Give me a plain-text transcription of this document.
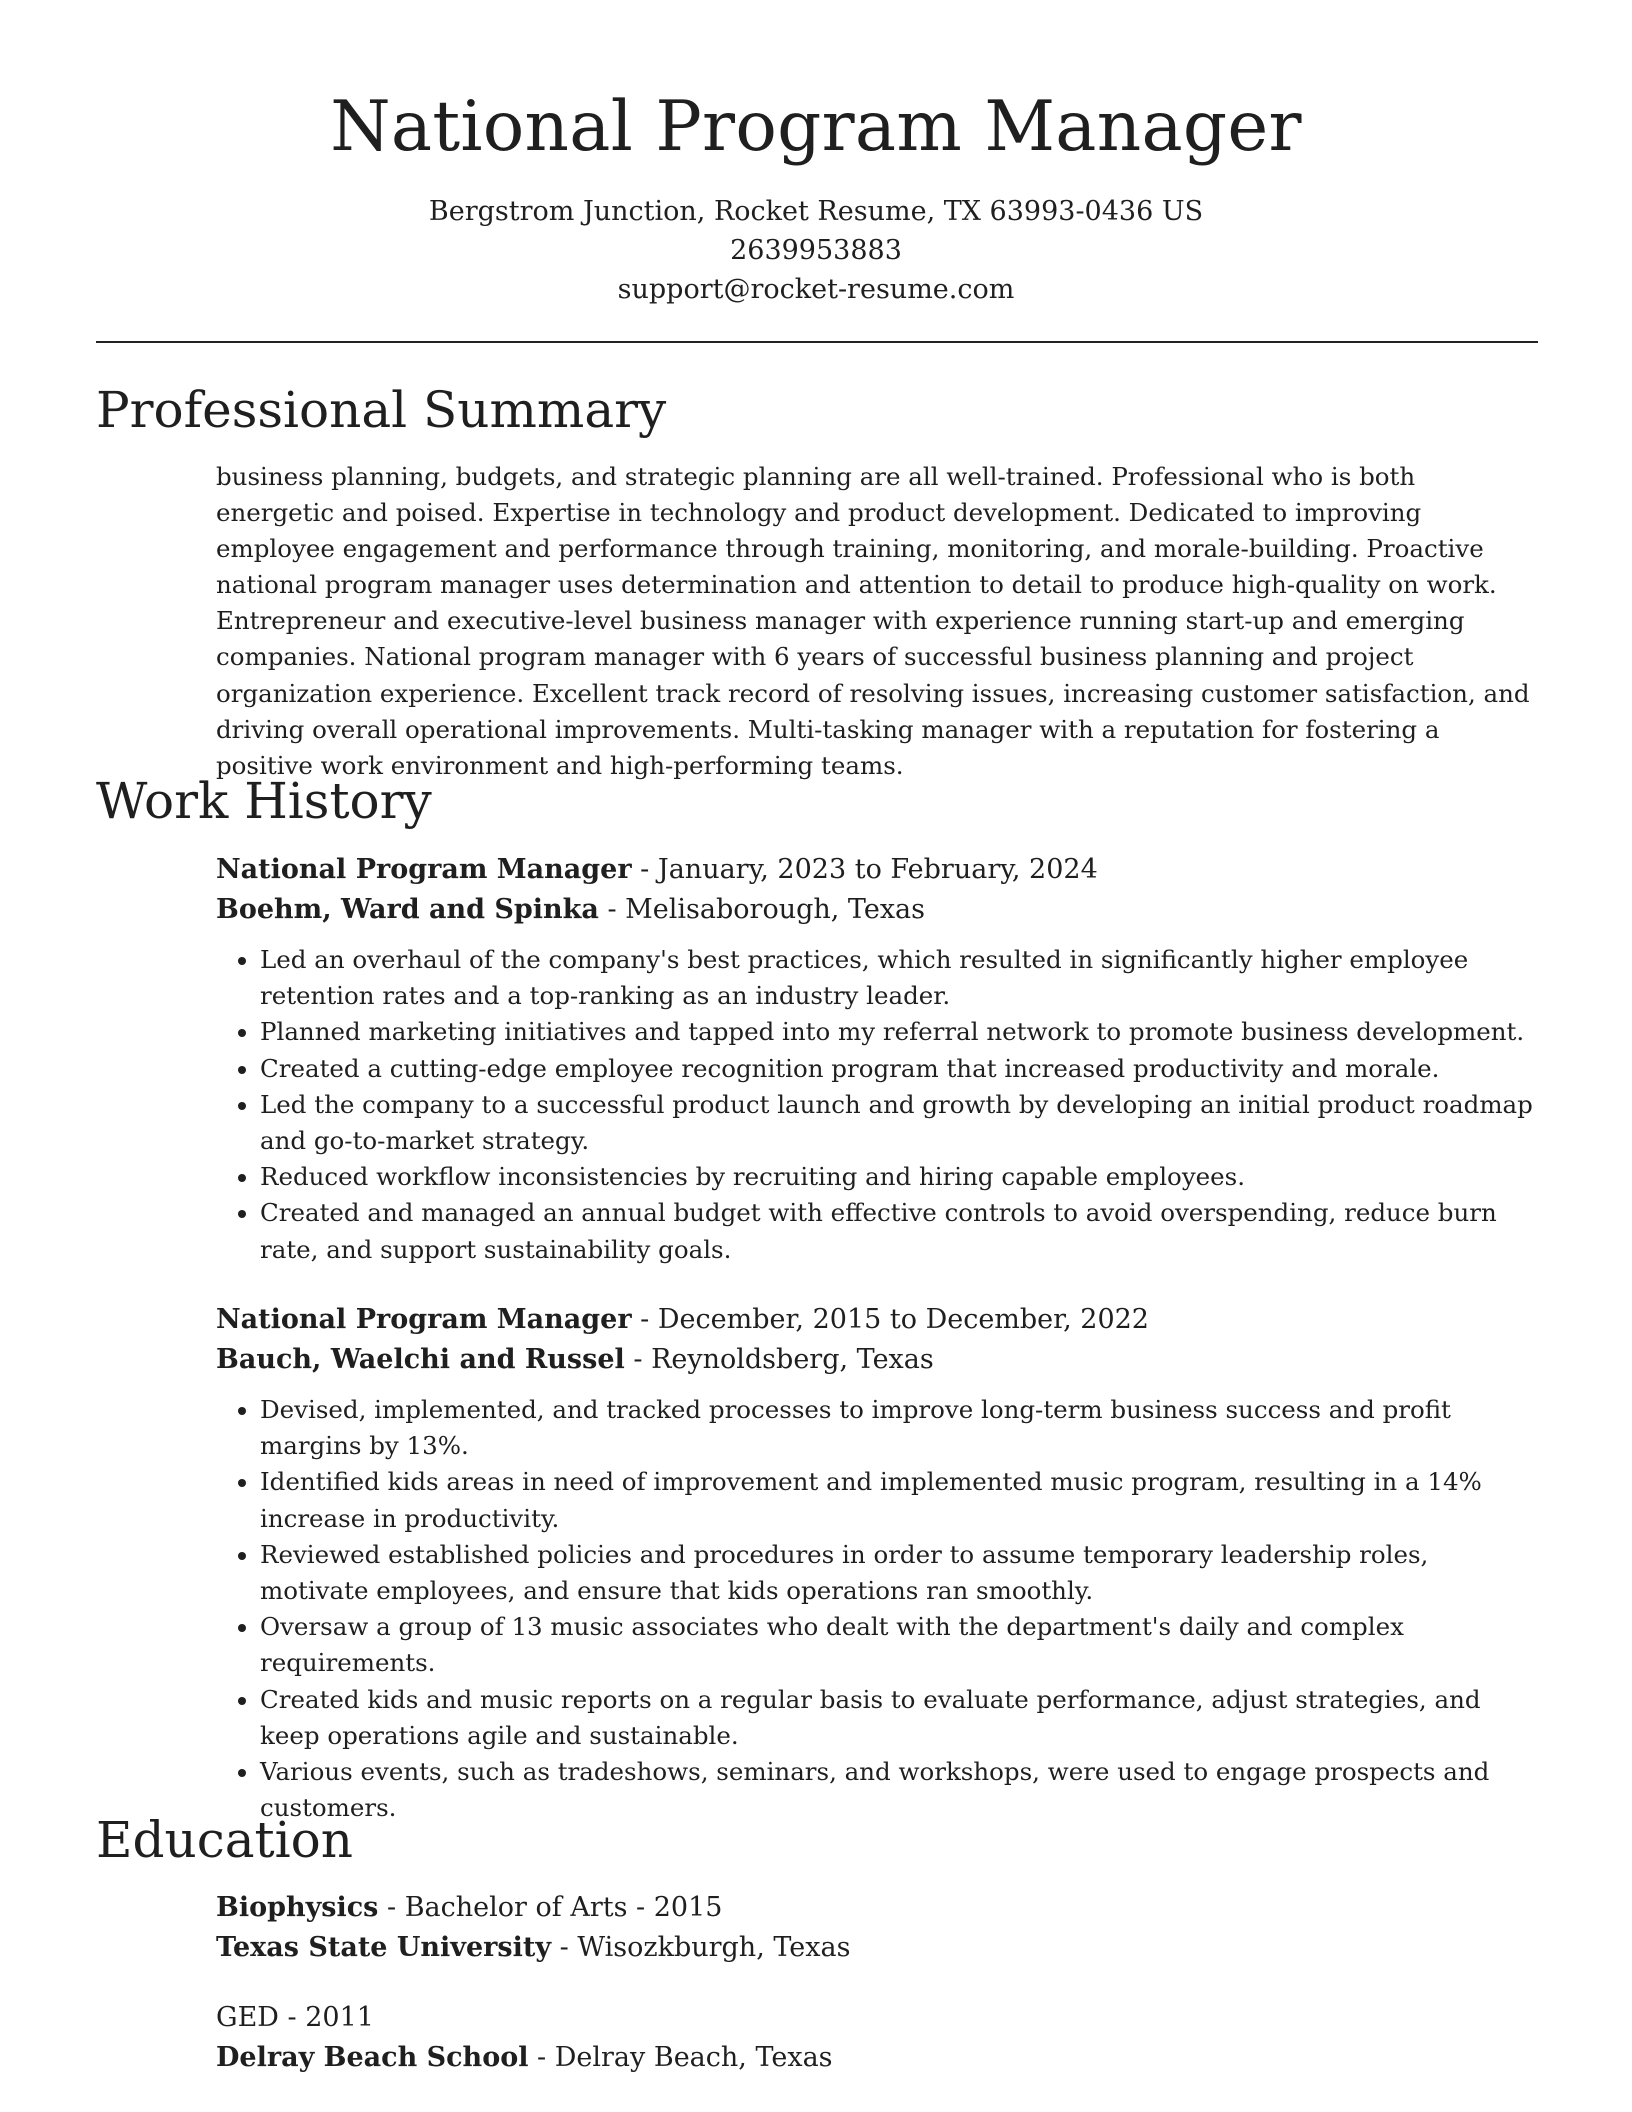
National Program Manager
Bergstrom Junction, Rocket Resume, TX 63993-0436 US
2639953883
support@rocket-resume.com
Professional Summary

business planning, budgets, and strategic planning are all well-trained. Professional who is both energetic and poised. Expertise in technology and product development. Dedicated to improving employee engagement and performance through training, monitoring, and morale-building. Proactive national program manager uses determination and attention to detail to produce high-quality on work. Entrepreneur and executive-level business manager with experience running start-up and emerging companies. National program manager with 6 years of successful business planning and project organization experience. Excellent track record of resolving issues, increasing customer satisfaction, and driving overall operational improvements. Multi-tasking manager with a reputation for fostering a positive work environment and high-performing teams.

Work History
National Program Manager - January, 2023 to February, 2024
Boehm, Ward and Spinka - Melisaborough, Texas
• Led an overhaul of the company's best practices, which resulted in significantly higher employee retention rates and a top-ranking as an industry leader.
• Planned marketing initiatives and tapped into my referral network to promote business development.
• Created a cutting-edge employee recognition program that increased productivity and morale.
• Led the company to a successful product launch and growth by developing an initial product roadmap and go-to-market strategy.
• Reduced workflow inconsistencies by recruiting and hiring capable employees.
• Created and managed an annual budget with effective controls to avoid overspending, reduce burn rate, and support sustainability goals.
National Program Manager - December, 2015 to December, 2022
Bauch, Waelchi and Russel - Reynoldsberg, Texas
• Devised, implemented, and tracked processes to improve long-term business success and profit margins by 13%.
• Identified kids areas in need of improvement and implemented music program, resulting in a 14% increase in productivity.
• Reviewed established policies and procedures in order to assume temporary leadership roles, motivate employees, and ensure that kids operations ran smoothly.
• Oversaw a group of 13 music associates who dealt with the department's daily and complex requirements.
• Created kids and music reports on a regular basis to evaluate performance, adjust strategies, and keep operations agile and sustainable.
• Various events, such as tradeshows, seminars, and workshops, were used to engage prospects and customers.
Education
Biophysics - Bachelor of Arts - 2015
Texas State University - Wisozkburgh, Texas
GED - 2011
Delray Beach School - Delray Beach, Texas
